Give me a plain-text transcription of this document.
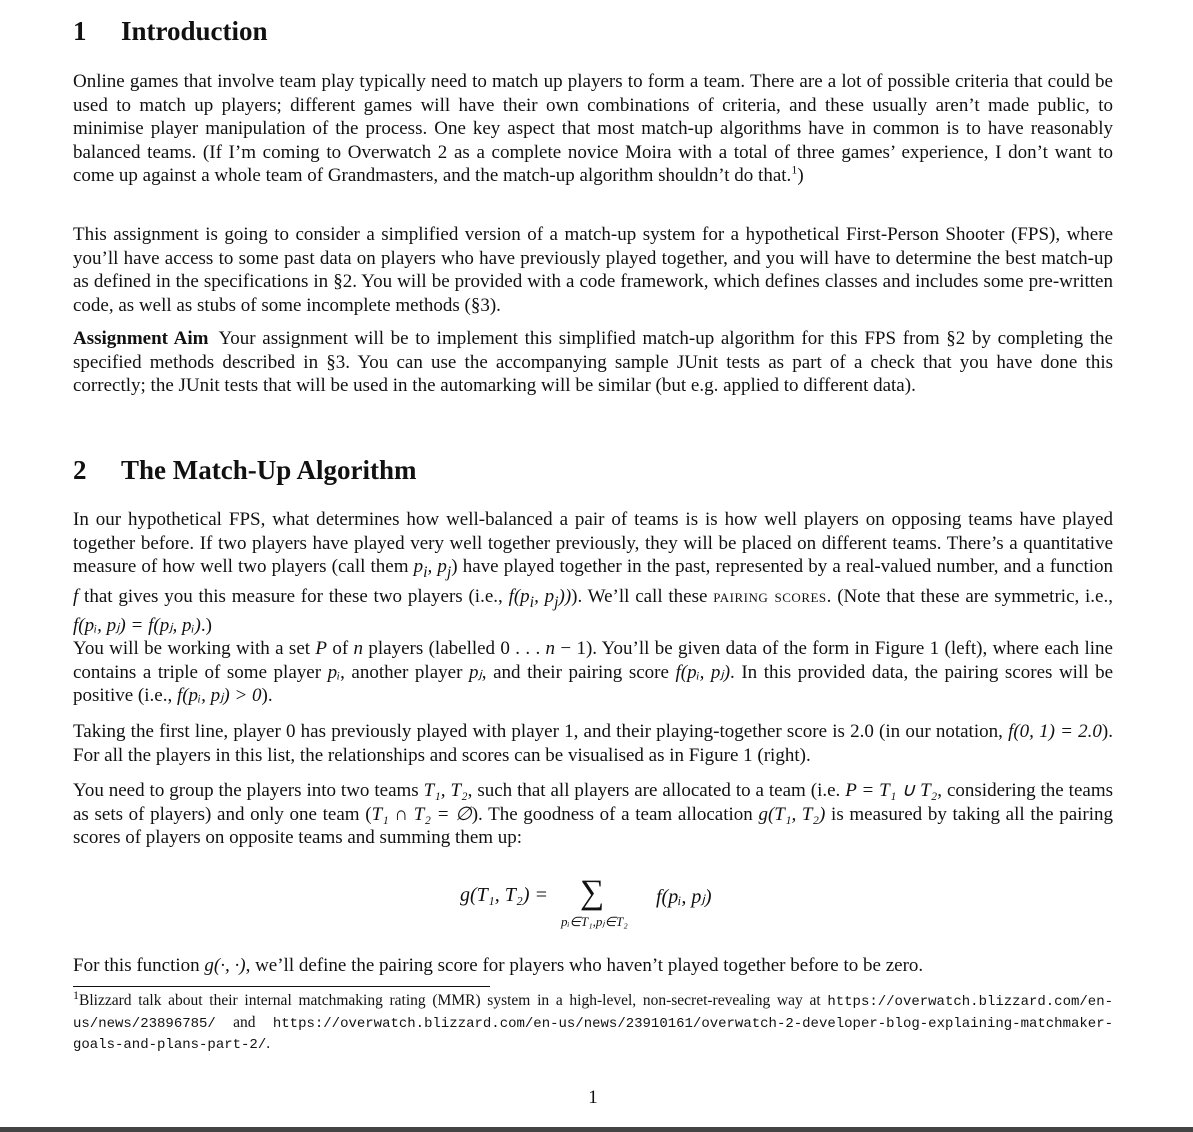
1 Introduction
Online games that involve team play typically need to match up players to form a team. There are a lot of possible criteria that could be used to match up players; different games will have their own combinations of criteria, and these usually aren’t made public, to minimise player manipulation of the process. One key aspect that most match-up algorithms have in common is to have reasonably balanced teams. (If I’m coming to Overwatch 2 as a complete novice Moira with a total of three games’ experience, I don’t want to come up against a whole team of Grandmasters, and the match-up algorithm shouldn’t do that.$^1$)
This assignment is going to consider a simplified version of a match-up system for a hypothetical First-Person Shooter (FPS), where you’ll have access to some past data on players who have previously played together, and you will have to determine the best match-up as defined in the specifications in §2. You will be provided with a code framework, which defines classes and includes some pre-written code, as well as stubs of some incomplete methods (§3).
Assignment Aim Your assignment will be to implement this simplified match-up algorithm for this FPS from §2 by completing the specified methods described in §3. You can use the accompanying sample JUnit tests as part of a check that you have done this correctly; the JUnit tests that will be used in the automarking will be similar (but e.g. applied to different data).
2 The Match-Up Algorithm
In our hypothetical FPS, what determines how well-balanced a pair of teams is is how well players on opposing teams have played together before. If two players have played very well together previously, they will be placed on different teams. There’s a quantitative measure of how well two players (call them $p_i$, $p_j$) have played together in the past, represented by a real-valued number, and a function f that gives you this measure for these two players (i.e., $f(p_i$, $p_j$))). We’ll call these pairing scores. (Note that these are symmetric, i.e., f(pᵢ, pⱼ) = f(pⱼ, pᵢ).)
You will be working with a set P of n players (labelled 0 . . . n − 1). You’ll be given data of the form in Figure 1 (left), where each line contains a triple of some player pᵢ, another player pⱼ, and their pairing score f(pᵢ, pⱼ). In this provided data, the pairing scores will be positive (i.e., f(pᵢ, pⱼ) > 0).
Taking the first line, player 0 has previously played with player 1, and their playing-together score is 2.0 (in our notation, f(0, 1) = 2.0). For all the players in this list, the relationships and scores can be visualised as in Figure 1 (right).
You need to group the players into two teams T₁, T₂, such that all players are allocated to a team (i.e. P = T₁ ∪ T₂, considering the teams as sets of players) and only one team (T₁ ∩ T₂ = ∅). The goodness of a team allocation g(T₁, T₂) is measured by taking all the pairing scores of players on opposite teams and summing them up:
g(T₁, T₂) = ∑
pᵢ∈T₁,pⱼ∈T₂
f(pᵢ, pⱼ)
For this function g(·, ·), we’ll define the pairing score for players who haven’t played together before to be zero.
$^1$Blizzard talk about their internal matchmaking rating (MMR) system in a high-level, non-secret-revealing way at https://overwatch.blizzard.com/en-us/news/23896785/ and https://overwatch.blizzard.com/en-us/news/23910161/overwatch-2-developer-blog-explaining-matchmaker-goals-and-plans-part-2/.
1
